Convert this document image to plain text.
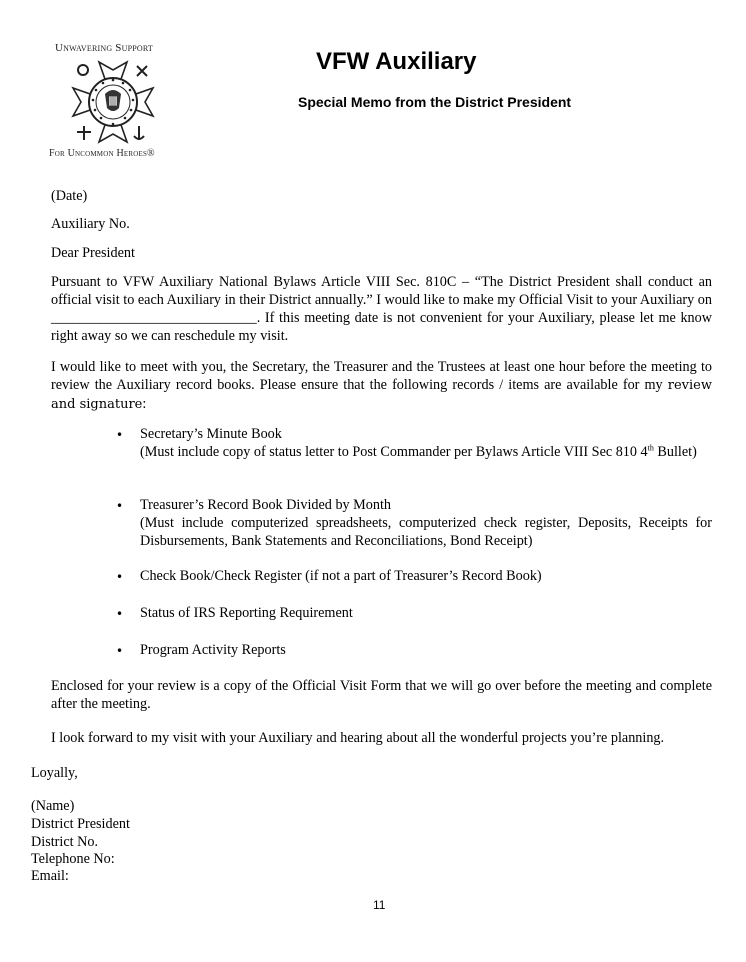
Unwavering Support
For Uncommon Heroes®
VFW Auxiliary
Special Memo from the District President
(Date)
Auxiliary No.
Dear President
Pursuant to VFW Auxiliary National Bylaws Article VIII Sec. 810C – “The District President shall conduct an official visit to each Auxiliary in their District annually.” I would like to make my Official Visit to your Auxiliary on _____________________________. If this meeting date is not convenient for your Auxiliary, please let me know right away so we can reschedule my visit.
I would like to meet with you, the Secretary, the Treasurer and the Trustees at least one hour before the meeting to review the Auxiliary record books. Please ensure that the following records / items are available for my review and signature:
• Secretary’s Minute Book
(Must include copy of status letter to Post Commander per Bylaws Article VIII Sec 810 4th Bullet)
• Treasurer’s Record Book Divided by Month
(Must include computerized spreadsheets, computerized check register, Deposits, Receipts for Disbursements, Bank Statements and Reconciliations, Bond Receipt)
• Check Book/Check Register (if not a part of Treasurer’s Record Book)
• Status of IRS Reporting Requirement
• Program Activity Reports
Enclosed for your review is a copy of the Official Visit Form that we will go over before the meeting and complete after the meeting.
I look forward to my visit with your Auxiliary and hearing about all the wonderful projects you’re planning.
Loyally,
(Name)
District President
District No.
Telephone No:
Email:
11
